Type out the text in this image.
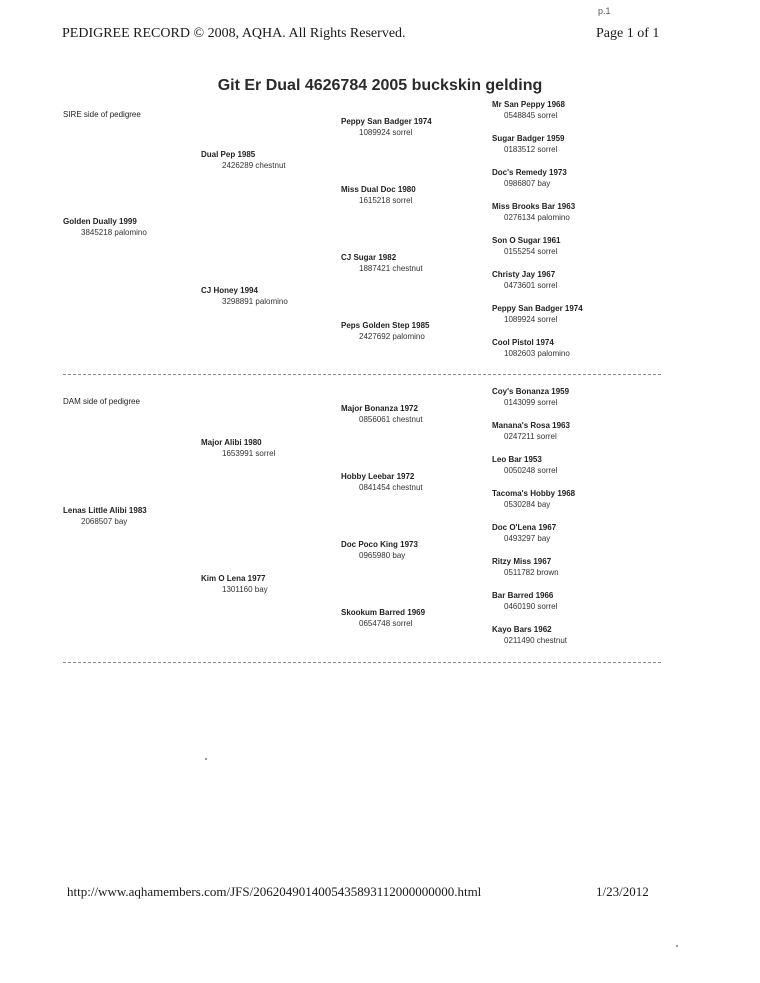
p.1
PEDIGREE RECORD © 2008, AQHA. All Rights Reserved.	Page 1 of 1
Git Er Dual 4626784 2005 buckskin gelding
SIRE side of pedigree
Golden Dually 1999
3845218 palomino
Dual Pep 1985
2426289 chestnut
CJ Honey 1994
3298891 palomino
Peppy San Badger 1974
1089924 sorrel
Miss Dual Doc 1980
1615218 sorrel
CJ Sugar 1982
1887421 chestnut
Peps Golden Step 1985
2427692 palomino
Mr San Peppy 1968
0548845 sorrel
Sugar Badger 1959
0183512 sorrel
Doc's Remedy 1973
0986807 bay
Miss Brooks Bar 1963
0276134 palomino
Son O Sugar 1961
0155254 sorrel
Christy Jay 1967
0473601 sorrel
Peppy San Badger 1974
1089924 sorrel
Cool Pistol 1974
1082603 palomino
DAM side of pedigree
Lenas Little Alibi 1983
2068507 bay
Major Alibi 1980
1653991 sorrel
Kim O Lena 1977
1301160 bay
Major Bonanza 1972
0856061 chestnut
Hobby Leebar 1972
0841454 chestnut
Doc Poco King 1973
0965980 bay
Skookum Barred 1969
0654748 sorrel
Coy's Bonanza 1959
0143099 sorrel
Manana's Rosa 1963
0247211 sorrel
Leo Bar 1953
0050248 sorrel
Tacoma's Hobby 1968
0530284 bay
Doc O'Lena 1967
0493297 bay
Ritzy Miss 1967
0511782 brown
Bar Barred 1966
0460190 sorrel
Kayo Bars 1962
0211490 chestnut
http://www.aqhamembers.com/JFS/2062049014005435893112000000000.html	1/23/2012
